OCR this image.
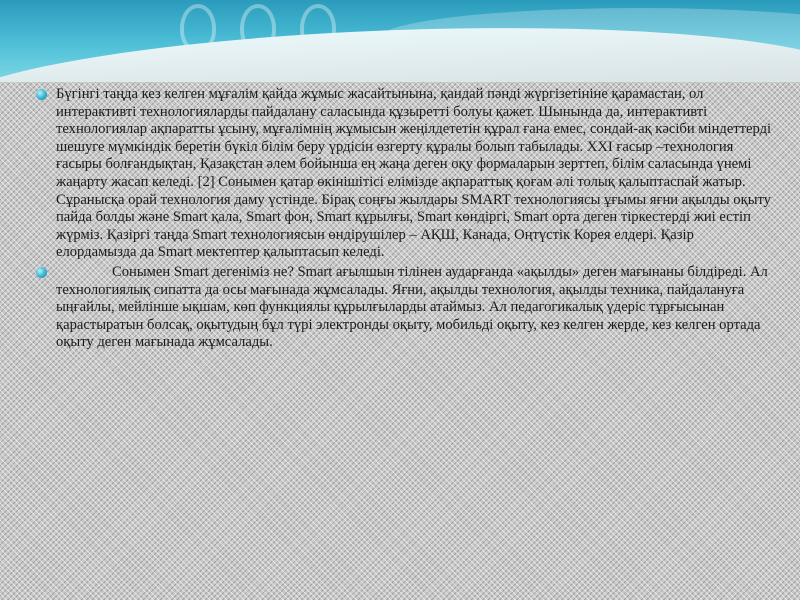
Бүгінгі таңда кез келген мұғалім қайда жұмыс жасайтынына, қандай пәнді жүргізетініне қарамастан, ол интерактивті технологияларды пайдалану саласында құзыретті болуы қажет. Шынында да, интерактивті технологиялар ақпаратты ұсыну, мұғалімнің жұмысын жеңілдететін құрал ғана емес, сондай-ақ кәсіби міндеттерді шешуге мүмкіндік беретін бүкіл білім беру үрдісін өзгерту құралы болып табылады. XXI ғасыр –технология ғасыры болғандықтан, Қазақстан әлем бойынша ең жаңа деген оқу формаларын зерттеп, білім саласында үнемі жаңарту жасап келеді. [2] Сонымен қатар өкінішітісі елімізде ақпараттық қоғам әлі толық қалыптаспай жатыр. Сұранысқа орай технология даму үстінде. Бірақ соңғы жылдары SMART технологиясы ұғымы яғни ақылды оқыту пайда болды және Smart қала, Smart фон, Smart құрылғы, Smart көндіргі, Smart орта деген тіркестерді жиі естіп жүрміз. Қазіргі таңда Smart технологиясын өндірушілер – АҚШ, Канада, Оңтүстік Корея елдері. Қазір елордамызда да Smart мектептер қалыптасып келеді.

Сонымен Smart дегеніміз не? Smart ағылшын тілінен аударғанда «ақылды» деген мағынаны білдіреді. Ал технологиялық сипатта да осы мағынада жұмсалады. Яғни, ақылды технология, ақылды техника, пайдалануға ыңғайлы, мейлінше ықшам, көп функциялы құрылғыларды атаймыз. Ал педагогикалық үдеріс тұрғысынан қарастыратын болсақ, оқытудың бұл түрі электронды оқыту, мобильді оқыту, кез келген жерде, кез келген ортада оқыту деген мағынада жұмсалады.
